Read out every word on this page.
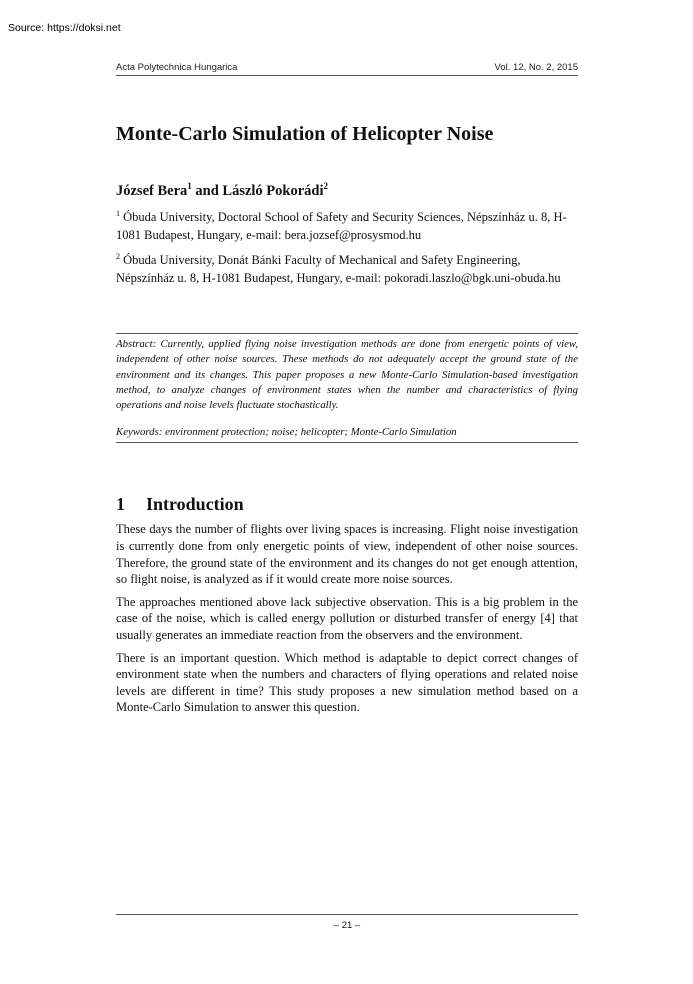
Source: https://doksi.net
Acta Polytechnica Hungarica	Vol. 12, No. 2, 2015
Monte-Carlo Simulation of Helicopter Noise
József Bera$^1$ and László Pokorádi$^2$
$^1$ Óbuda University, Doctoral School of Safety and Security Sciences, Népszínház u. 8, H-1081 Budapest, Hungary, e-mail: bera.jozsef@prosysmod.hu
$^2$ Óbuda University, Donát Bánki Faculty of Mechanical and Safety Engineering, Népszínház u. 8, H-1081 Budapest, Hungary, e-mail: pokoradi.laszlo@bgk.uni-obuda.hu

Abstract: Currently, applied flying noise investigation methods are done from energetic points of view, independent of other noise sources. These methods do not adequately accept the ground state of the environment and its changes. This paper proposes a new Monte-Carlo Simulation-based investigation method, to analyze changes of environment states when the number and characteristics of flying operations and noise levels fluctuate stochastically.

Keywords: environment protection; noise; helicopter; Monte-Carlo Simulation

1 Introduction

These days the number of flights over living spaces is increasing. Flight noise investigation is currently done from only energetic points of view, independent of other noise sources. Therefore, the ground state of the environment and its changes do not get enough attention, so flight noise, is analyzed as if it would create more noise sources.

The approaches mentioned above lack subjective observation. This is a big problem in the case of the noise, which is called energy pollution or disturbed transfer of energy [4] that usually generates an immediate reaction from the observers and the environment.

There is an important question. Which method is adaptable to depict correct changes of environment state when the numbers and characters of flying operations and related noise levels are different in time? This study proposes a new simulation method based on a Monte-Carlo Simulation to answer this question.

– 21 –
